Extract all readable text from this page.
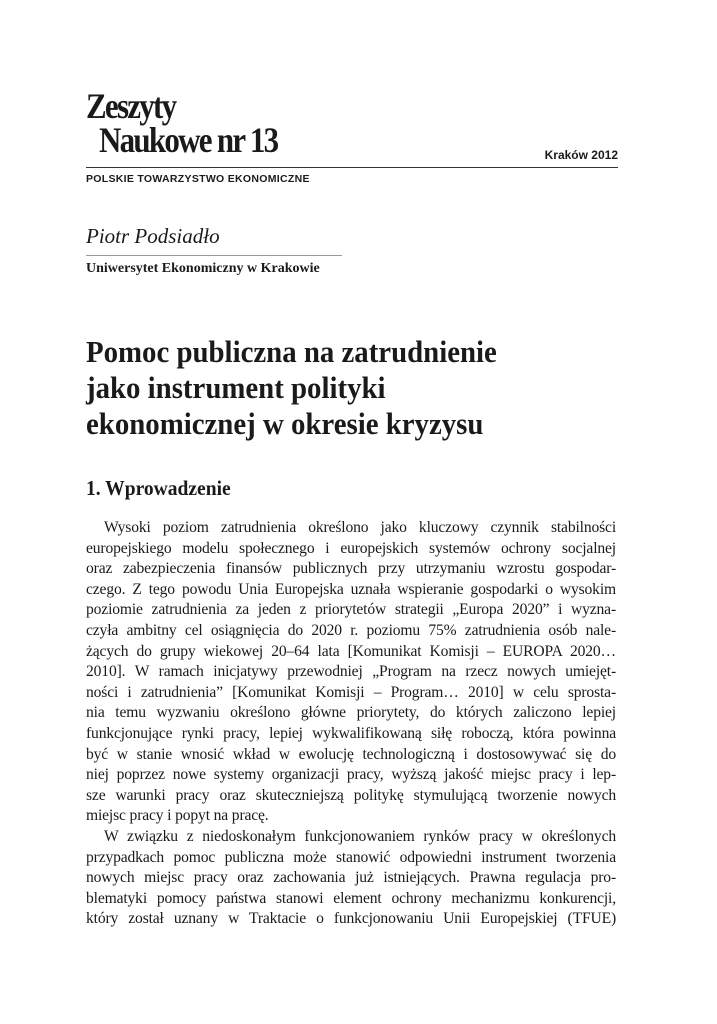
Zeszyty
Naukowe nr 13	Kraków 2012
POLSKIE TOWARZYSTWO EKONOMICZNE
Piotr Podsiadło
Uniwersytet Ekonomiczny w Krakowie
Pomoc publiczna na zatrudnienie
jako instrument polityki
ekonomicznej w okresie kryzysu
1. Wprowadzenie
Wysoki poziom zatrudnienia określono jako kluczowy czynnik stabilności
europejskiego modelu społecznego i europejskich systemów ochrony socjalnej
oraz zabezpieczenia finansów publicznych przy utrzymaniu wzrostu gospodar-
czego. Z tego powodu Unia Europejska uznała wspieranie gospodarki o wysokim
poziomie zatrudnienia za jeden z priorytetów strategii „Europa 2020” i wyzna-
czyła ambitny cel osiągnięcia do 2020 r. poziomu 75% zatrudnienia osób nale-
żących do grupy wiekowej 20–64 lata [Komunikat Komisji – EUROPA 2020…
2010]. W ramach inicjatywy przewodniej „Program na rzecz nowych umiejęt-
ności i zatrudnienia” [Komunikat Komisji – Program… 2010] w celu sprosta-
nia temu wyzwaniu określono główne priorytety, do których zaliczono lepiej
funkcjonujące rynki pracy, lepiej wykwalifikowaną siłę roboczą, która powinna
być w stanie wnosić wkład w ewolucję technologiczną i dostosowywać się do
niej poprzez nowe systemy organizacji pracy, wyższą jakość miejsc pracy i lep-
sze warunki pracy oraz skuteczniejszą politykę stymulującą tworzenie nowych
miejsc pracy i popyt na pracę.
W związku z niedoskonałym funkcjonowaniem rynków pracy w określonych
przypadkach pomoc publiczna może stanowić odpowiedni instrument tworzenia
nowych miejsc pracy oraz zachowania już istniejących. Prawna regulacja pro-
blematyki pomocy państwa stanowi element ochrony mechanizmu konkurencji,
który został uznany w Traktacie o funkcjonowaniu Unii Europejskiej (TFUE)
